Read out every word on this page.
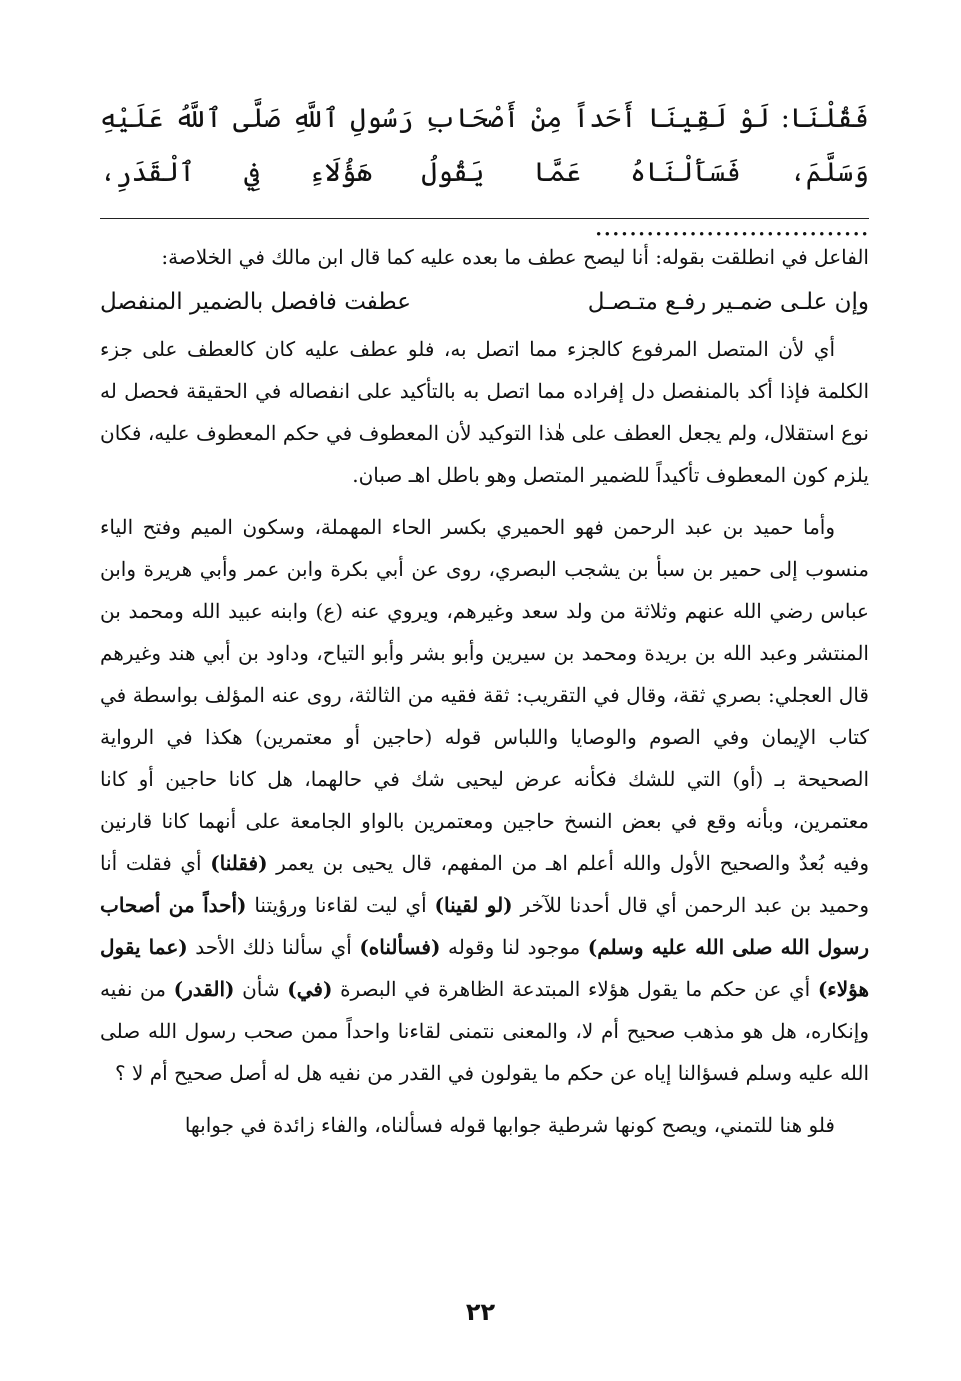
فَقُلْنَا: لَوْ لَقِينَا أَحَداً مِنْ أَصْحَابِ رَسُولِ ٱللَّهِ صَلَّى ٱللَّهُ عَلَيْهِ وَسَلَّمَ، فَسَأَلْنَاهُ عَمَّا يَقُولُ هَؤُلَاءِ فِي ٱلْقَدَرِ، ................................

الفاعل في انطلقت بقوله: أنا ليصح عطف ما بعده عليه كما قال ابن مالك في الخلاصة:

وإن علـى ضمـير رفـع متـصـل
عطفت فافصل بالضمير المنفصل

أي لأن المتصل المرفوع كالجزء مما اتصل به، فلو عطف عليه كان كالعطف على جزء الكلمة فإذا أكد بالمنفصل دل إفراده مما اتصل به بالتأكيد على انفصاله في الحقيقة فحصل له نوع استقلال، ولم يجعل العطف على هٰذا التوكيد لأن المعطوف في حكم المعطوف عليه، فكان يلزم كون المعطوف تأكيداً للضمير المتصل وهو باطل اهـ صبان.

وأما حميد بن عبد الرحمن فهو الحميري بكسر الحاء المهملة، وسكون الميم وفتح الياء منسوب إلى حمير بن سبأ بن يشجب البصري، روى عن أبي بكرة وابن عمر وأبي هريرة وابن عباس رضي الله عنهم وثلاثة من ولد سعد وغيرهم، ويروي عنه (ع) وابنه عبيد الله ومحمد بن المنتشر وعبد الله بن بريدة ومحمد بن سيرين وأبو بشر وأبو التياح، وداود بن أبي هند وغيرهم قال العجلي: بصري ثقة، وقال في التقريب: ثقة فقيه من الثالثة، روى عنه المؤلف بواسطة في كتاب الإيمان وفي الصوم والوصايا واللباس قوله (حاجين أو معتمرين) هكذا في الرواية الصحيحة بـ (أو) التي للشك فكأنه عرض ليحيى شك في حالهما، هل كانا حاجين أو كانا معتمرين، وبأنه وقع في بعض النسخ حاجين ومعتمرين بالواو الجامعة على أنهما كانا قارنين وفيه بُعدٌ والصحيح الأول والله أعلم اهـ من المفهم، قال يحيى بن يعمر (فقلنا) أي فقلت أنا وحميد بن عبد الرحمن أي قال أحدنا للآخر (لو لقينا) أي ليت لقاءنا ورؤيتنا (أحداً من أصحاب رسول الله صلى الله عليه وسلم) موجود لنا وقوله (فسألناه) أي سألنا ذلك الأحد (عما يقول هؤلاء) أي عن حكم ما يقول هؤلاء المبتدعة الظاهرة في البصرة (في) شأن (القدر) من نفيه وإنكاره، هل هو مذهب صحيح أم لا، والمعنى نتمنى لقاءنا واحداً ممن صحب رسول الله صلى الله عليه وسلم فسؤالنا إياه عن حكم ما يقولون في القدر من نفيه هل له أصل صحيح أم لا ؟

فلو هنا للتمني، ويصح كونها شرطية جوابها قوله فسألناه، والفاء زائدة في جوابها

٢٢
